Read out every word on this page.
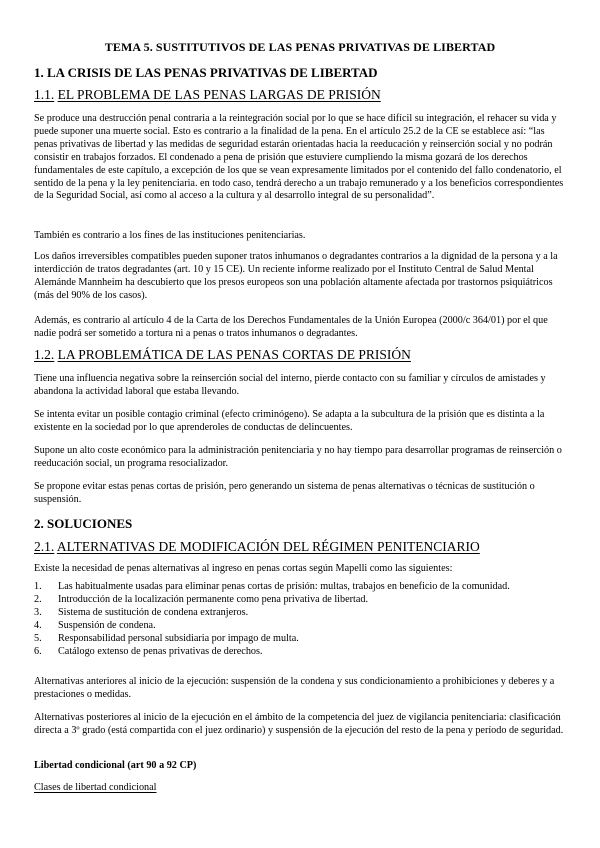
TEMA 5. SUSTITUTIVOS DE LAS PENAS PRIVATIVAS DE LIBERTAD
1. LA CRISIS DE LAS PENAS PRIVATIVAS DE LIBERTAD
1.1. EL PROBLEMA DE LAS PENAS LARGAS DE PRISIÓN
Se produce una destrucción penal contraria a la reintegración social por lo que se hace difícil su integración, el rehacer su vida y puede suponer una muerte social. Esto es contrario a la finalidad de la pena. En el artículo 25.2 de la CE se establece así: “las penas privativas de libertad y las medidas de seguridad estarán orientadas hacia la reeducación y reinserción social y no podrán consistir en trabajos forzados. El condenado a pena de prisión que estuviere cumpliendo la misma gozará de los derechos fundamentales de este capítulo, a excepción de los que se vean expresamente limitados por el contenido del fallo condenatorio, el sentido de la pena y la ley penitenciaria. en todo caso, tendrá derecho a un trabajo remunerado y a los beneficios correspondientes de la Seguridad Social, así como al acceso a la cultura y al desarrollo integral de su personalidad”.
También es contrario a los fines de las instituciones penitenciarias.
Los daños irreversibles compatibles pueden suponer tratos inhumanos o degradantes contrarios a la dignidad de la persona y a la interdicción de tratos degradantes (art. 10 y 15 CE). Un reciente informe realizado por el Instituto Central de Salud Mental Alemánde Mannheim ha descubierto que los presos europeos son una población altamente afectada por trastornos psiquiátricos (más del 90% de los casos).
Además, es contrario al artículo 4 de la Carta de los Derechos Fundamentales de la Unión Europea (2000/c 364/01) por el que nadie podrá ser sometido a tortura ni a penas o tratos inhumanos o degradantes.
1.2. LA PROBLEMÁTICA DE LAS PENAS CORTAS DE PRISIÓN
Tiene una influencia negativa sobre la reinserción social del interno, pierde contacto con su familiar y círculos de amistades y abandona la actividad laboral que estaba llevando.
Se intenta evitar un posible contagio criminal (efecto criminógeno). Se adapta a la subcultura de la prisión que es distinta a la existente en la sociedad por lo que aprenderoles de conductas de delincuentes.
Supone un alto coste económico para la administración penitenciaria y no hay tiempo para desarrollar programas de reinserción o reeducación social, un programa resocializador.
Se propone evitar estas penas cortas de prisión, pero generando un sistema de penas alternativas o técnicas de sustitución o suspensión.
2. SOLUCIONES
2.1. ALTERNATIVAS DE MODIFICACIÓN DEL RÉGIMEN PENITENCIARIO
Existe la necesidad de penas alternativas al ingreso en penas cortas según Mapelli como las siguientes:
1.	Las habitualmente usadas para eliminar penas cortas de prisión: multas, trabajos en beneficio de la comunidad.
2.	Introducción de la localización permanente como pena privativa de libertad.
3.	Sistema de sustitución de condena extranjeros.
4.	Suspensión de condena.
5.	Responsabilidad personal subsidiaria por impago de multa.
6.	Catálogo extenso de penas privativas de derechos.
Alternativas anteriores al inicio de la ejecución: suspensión de la condena y sus condicionamiento a prohibiciones y deberes y a prestaciones o medidas.
Alternativas posteriores al inicio de la ejecución en el ámbito de la competencia del juez de vigilancia penitenciaria: clasificación directa a 3º grado (está compartida con el juez ordinario) y suspensión de la ejecución del resto de la pena y período de seguridad.
Libertad condicional (art 90 a 92 CP)
Clases de libertad condicional
